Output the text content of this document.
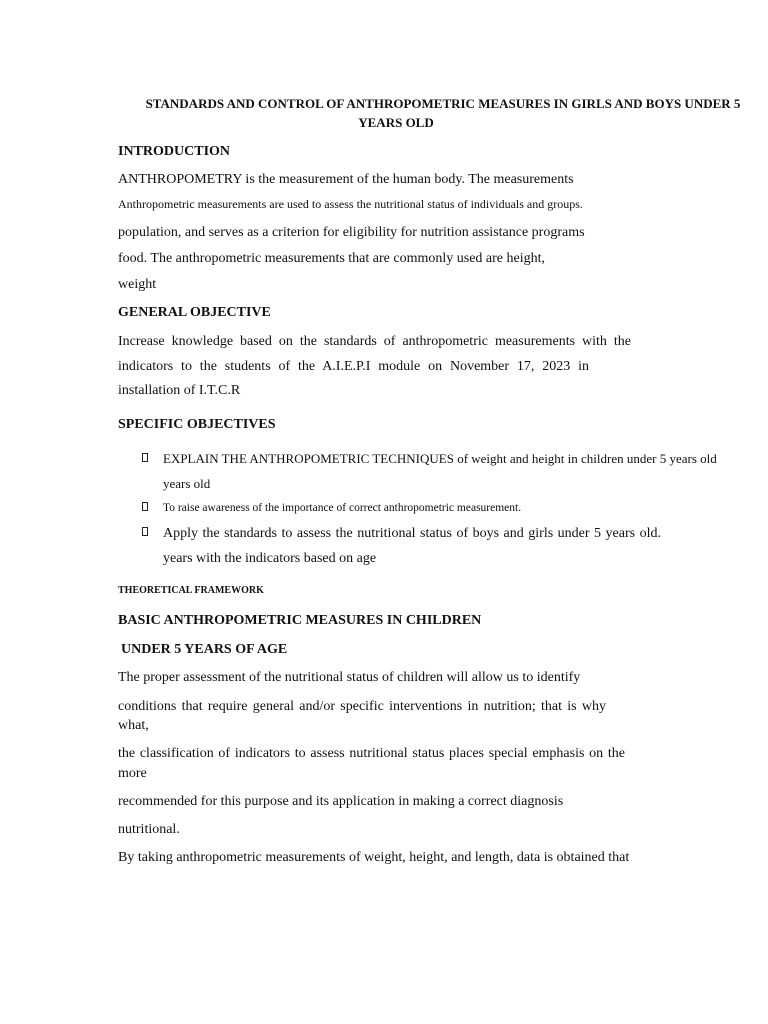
STANDARDS AND CONTROL OF ANTHROPOMETRIC MEASURES IN GIRLS AND BOYS UNDER 5
YEARS OLD
INTRODUCTION
ANTHROPOMETRY is the measurement of the human body. The measurements
Anthropometric measurements are used to assess the nutritional status of individuals and groups.
population, and serves as a criterion for eligibility for nutrition assistance programs
food. The anthropometric measurements that are commonly used are height,
weight
GENERAL OBJECTIVE
Increase knowledge based on the standards of anthropometric measurements with the
indicators to the students of the A.I.E.P.I module on November 17, 2023 in
installation of I.T.C.R
SPECIFIC OBJECTIVES
EXPLAIN THE ANTHROPOMETRIC TECHNIQUES of weight and height in children under 5 years old
years old
To raise awareness of the importance of correct anthropometric measurement.
Apply the standards to assess the nutritional status of boys and girls under 5 years old.
years with the indicators based on age
THEORETICAL FRAMEWORK
BASIC ANTHROPOMETRIC MEASURES IN CHILDREN
UNDER 5 YEARS OF AGE
The proper assessment of the nutritional status of children will allow us to identify
conditions that require general and/or specific interventions in nutrition; that is why
what,
the classification of indicators to assess nutritional status places special emphasis on the
more
recommended for this purpose and its application in making a correct diagnosis
nutritional.
By taking anthropometric measurements of weight, height, and length, data is obtained that
